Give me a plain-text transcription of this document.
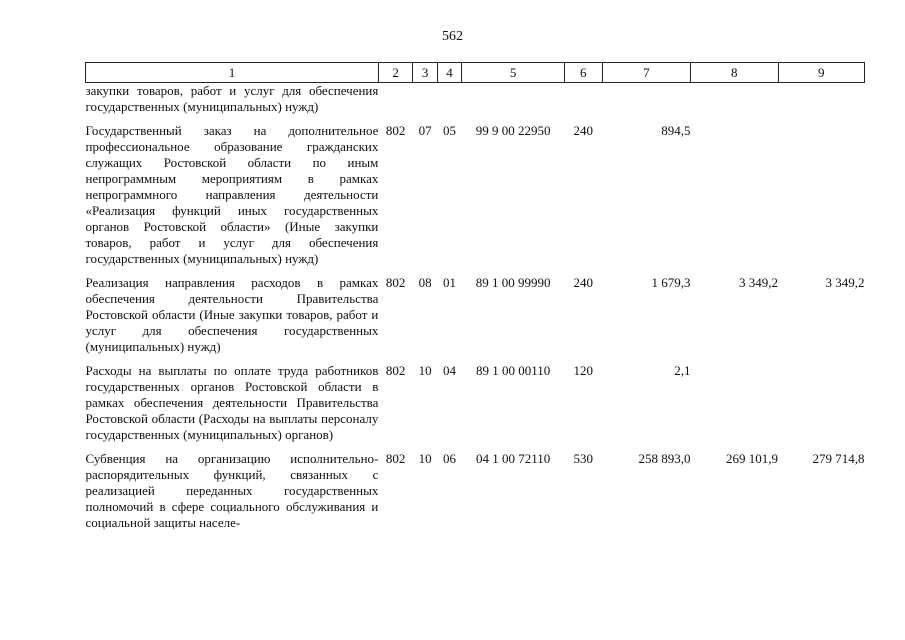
562
1	2	3	4	5	6	7	8	9
закупки товаров, работ и услуг для обеспечения государственных (муниципальных) нужд)								
Государственный заказ на дополнительное профессиональное образование гражданских служащих Ростовской области по иным непрограммным мероприятиям в рамках непрограммного направления деятельности «Реализация функций иных государственных органов Ростовской области» (Иные закупки товаров, работ и услуг для обеспечения государственных (муниципальных) нужд)	802	07	05	99 9 00 22950	240	894,5		
Реализация направления расходов в рамках обеспечения деятельности Правительства Ростовской области (Иные закупки товаров, работ и услуг для обеспечения государственных (муниципальных) нужд)	802	08	01	89 1 00 99990	240	1 679,3	3 349,2	3 349,2
Расходы на выплаты по оплате труда работников государственных органов Ростовской области в рамках обеспечения деятельности Правительства Ростовской области (Расходы на выплаты персоналу государственных (муниципальных) органов)	802	10	04	89 1 00 00110	120	2,1		
Субвенция на организацию исполнительно-распорядительных функций, связанных с реализацией переданных государственных полномочий в сфере социального обслуживания и социальной защиты населе-	802	10	06	04 1 00 72110	530	258 893,0	269 101,9	279 714,8
